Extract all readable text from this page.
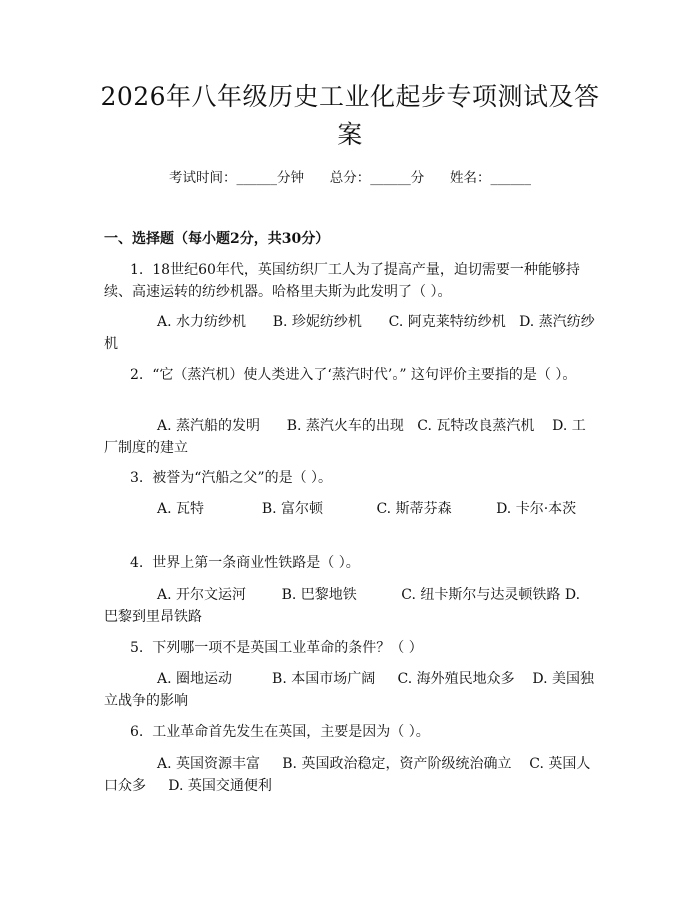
2026年八年级历史工业化起步专项测试及答案
考试时间：______分钟      总分：______分      姓名：______
一、选择题（每小题2分，共30分）
1.  18世纪60年代，英国纺织厂工人为了提高产量，迫切需要一种能够持续、高速运转的纺纱机器。哈格里夫斯为此发明了（ ）。
A. 水力纺纱机      B. 珍妮纺纱机      C. 阿克莱特纺纱机   D. 蒸汽纺纱机
2.  “它（蒸汽机）使人类进入了‘蒸汽时代’。” 这句评价主要指的是（ ）。
A. 蒸汽船的发明      B. 蒸汽火车的出现   C. 瓦特改良蒸汽机    D. 工厂制度的建立
3.  被誉为“汽船之父”的是（ ）。
A. 瓦特             B. 富尔顿            C. 斯蒂芬森          D. 卡尔·本茨
4.  世界上第一条商业性铁路是（ ）。
A. 开尔文运河        B. 巴黎地铁          C. 纽卡斯尔与达灵顿铁路 D. 巴黎到里昂铁路
5.  下列哪一项不是英国工业革命的条件？（ ）
A. 圈地运动         B. 本国市场广阔     C. 海外殖民地众多    D. 美国独立战争的影响
6.  工业革命首先发生在英国，主要是因为（ ）。
A. 英国资源丰富     B. 英国政治稳定，资产阶级统治确立    C. 英国人口众多     D. 英国交通便利
